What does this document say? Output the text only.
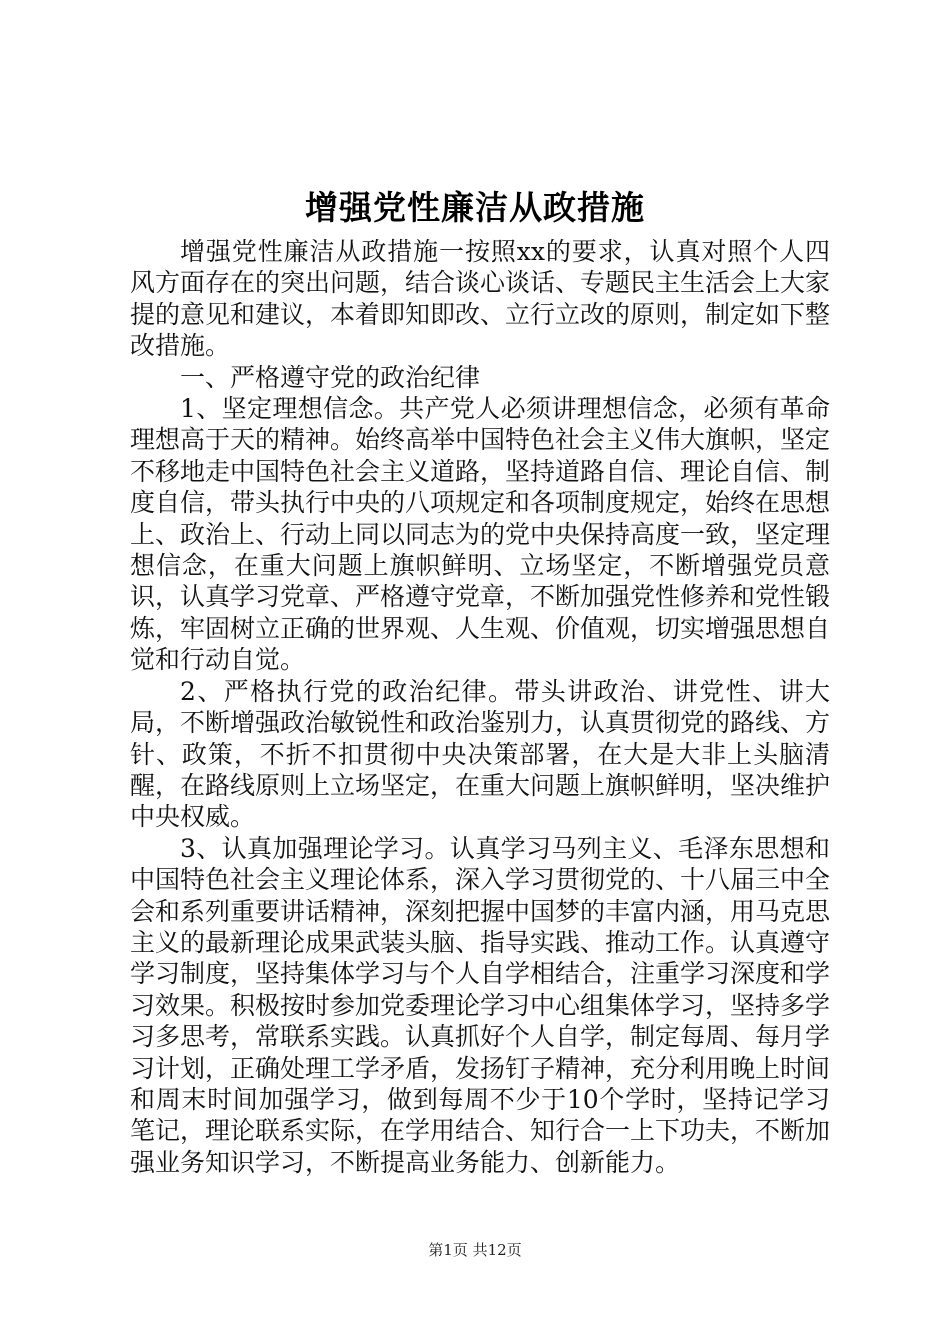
增强党性廉洁从政措施

增强党性廉洁从政措施一按照xx的要求，认真对照个人四风方面存在的突出问题，结合谈心谈话、专题民主生活会上大家提的意见和建议，本着即知即改、立行立改的原则，制定如下整改措施。

一、严格遵守党的政治纪律

1、坚定理想信念。共产党人必须讲理想信念，必须有革命理想高于天的精神。始终高举中国特色社会主义伟大旗帜，坚定不移地走中国特色社会主义道路，坚持道路自信、理论自信、制度自信，带头执行中央的八项规定和各项制度规定，始终在思想上、政治上、行动上同以同志为的党中央保持高度一致，坚定理想信念，在重大问题上旗帜鲜明、立场坚定，不断增强党员意识，认真学习党章、严格遵守党章，不断加强党性修养和党性锻炼，牢固树立正确的世界观、人生观、价值观，切实增强思想自觉和行动自觉。

2、严格执行党的政治纪律。带头讲政治、讲党性、讲大局，不断增强政治敏锐性和政治鉴别力，认真贯彻党的路线、方针、政策，不折不扣贯彻中央决策部署，在大是大非上头脑清醒，在路线原则上立场坚定，在重大问题上旗帜鲜明，坚决维护中央权威。

3、认真加强理论学习。认真学习马列主义、毛泽东思想和中国特色社会主义理论体系，深入学习贯彻党的、十八届三中全会和系列重要讲话精神，深刻把握中国梦的丰富内涵，用马克思主义的最新理论成果武装头脑、指导实践、推动工作。认真遵守学习制度，坚持集体学习与个人自学相结合，注重学习深度和学习效果。积极按时参加党委理论学习中心组集体学习，坚持多学习多思考，常联系实践。认真抓好个人自学，制定每周、每月学习计划，正确处理工学矛盾，发扬钉子精神，充分利用晚上时间和周末时间加强学习，做到每周不少于10个学时，坚持记学习笔记，理论联系实际，在学用结合、知行合一上下功夫，不断加强业务知识学习，不断提高业务能力、创新能力。

第1页 共12页
